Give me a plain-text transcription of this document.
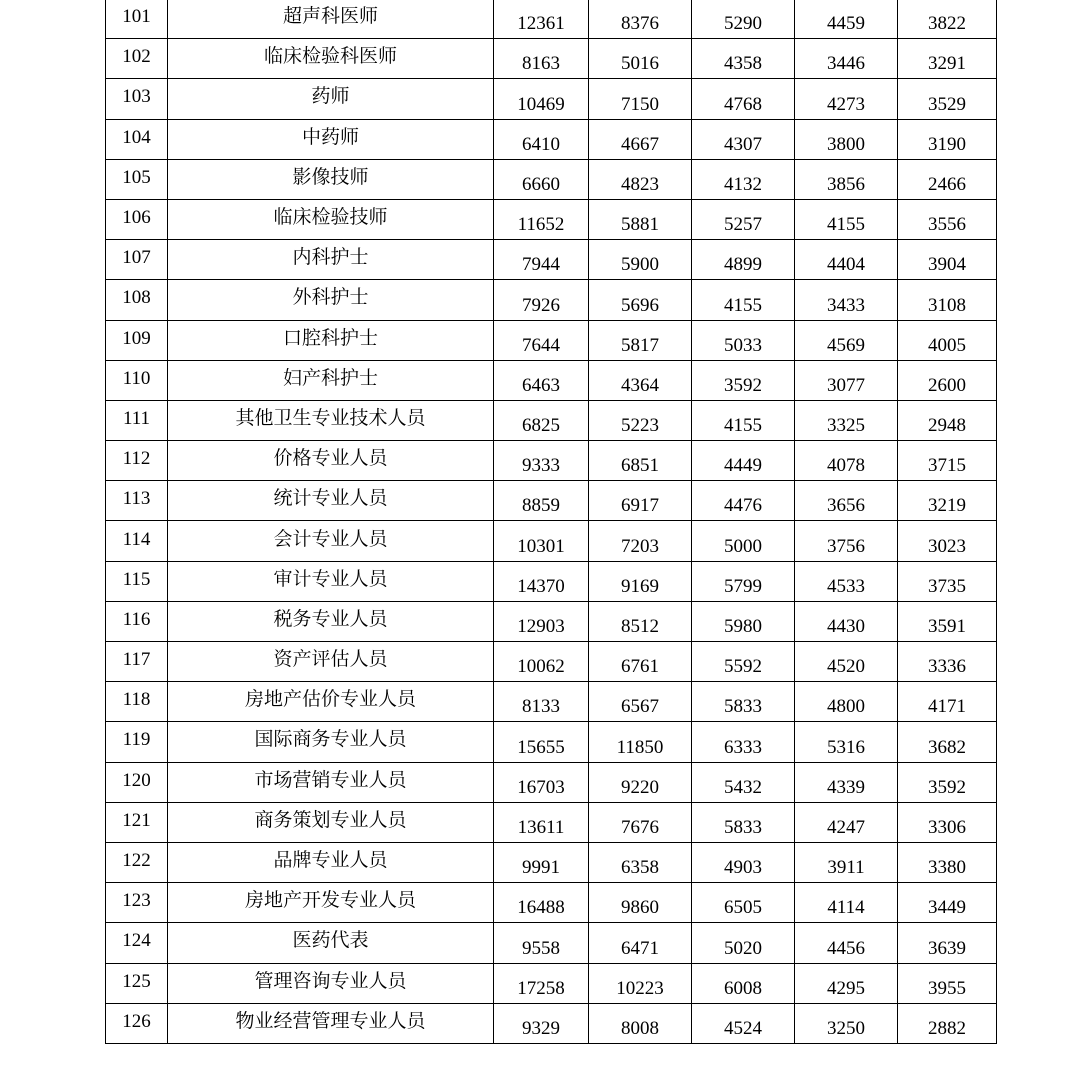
101	超声科医师	12361	8376	5290	4459	3822
102	临床检验科医师	8163	5016	4358	3446	3291
103	药师	10469	7150	4768	4273	3529
104	中药师	6410	4667	4307	3800	3190
105	影像技师	6660	4823	4132	3856	2466
106	临床检验技师	11652	5881	5257	4155	3556
107	内科护士	7944	5900	4899	4404	3904
108	外科护士	7926	5696	4155	3433	3108
109	口腔科护士	7644	5817	5033	4569	4005
110	妇产科护士	6463	4364	3592	3077	2600
111	其他卫生专业技术人员	6825	5223	4155	3325	2948
112	价格专业人员	9333	6851	4449	4078	3715
113	统计专业人员	8859	6917	4476	3656	3219
114	会计专业人员	10301	7203	5000	3756	3023
115	审计专业人员	14370	9169	5799	4533	3735
116	税务专业人员	12903	8512	5980	4430	3591
117	资产评估人员	10062	6761	5592	4520	3336
118	房地产估价专业人员	8133	6567	5833	4800	4171
119	国际商务专业人员	15655	11850	6333	5316	3682
120	市场营销专业人员	16703	9220	5432	4339	3592
121	商务策划专业人员	13611	7676	5833	4247	3306
122	品牌专业人员	9991	6358	4903	3911	3380
123	房地产开发专业人员	16488	9860	6505	4114	3449
124	医药代表	9558	6471	5020	4456	3639
125	管理咨询专业人员	17258	10223	6008	4295	3955
126	物业经营管理专业人员	9329	8008	4524	3250	2882
